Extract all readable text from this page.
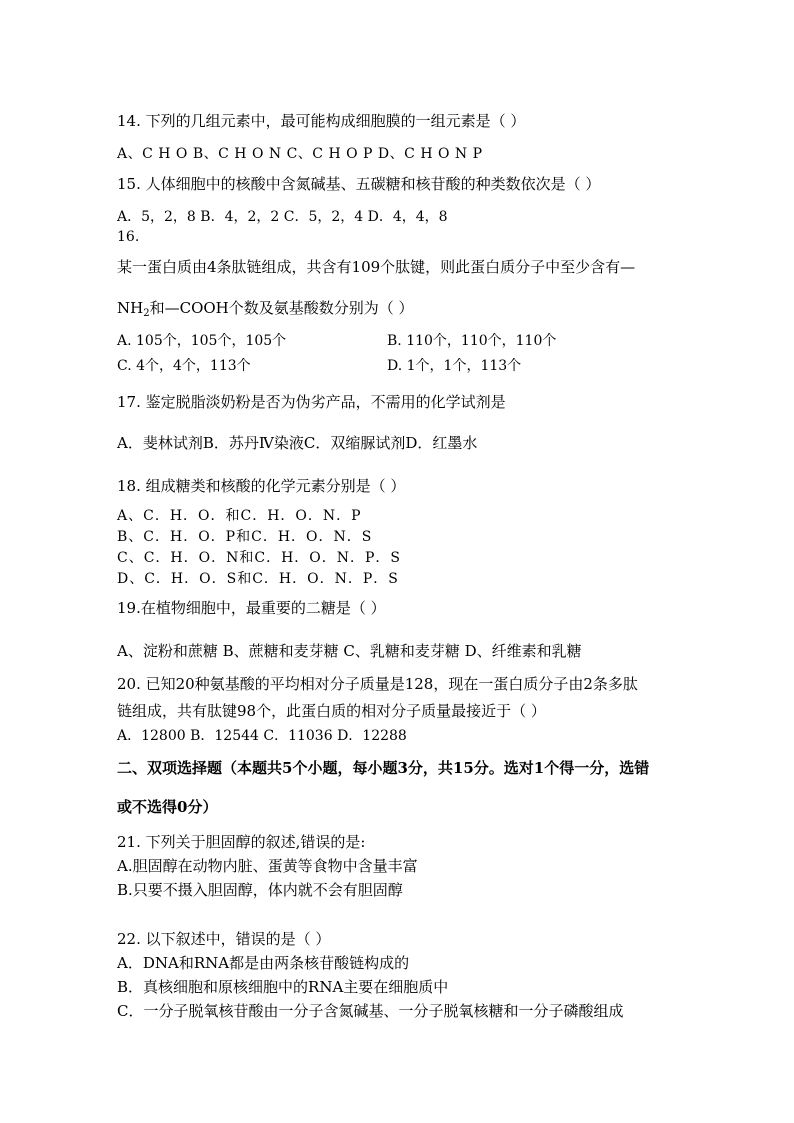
14. 下列的几组元素中，最可能构成细胞膜的一组元素是（ ）
A、C H O B、C H O N C、C H O P D、C H O N P
15. 人体细胞中的核酸中含氮碱基、五碳糖和核苷酸的种类数依次是（ ）
A．5，2，8 B．4，2，2 C．5，2，4 D．4，4，8
16.
某一蛋白质由4条肽链组成，共含有109个肽键，则此蛋白质分子中至少含有—
$NH_2$和—COOH个数及氨基酸数分别为（ ）
A. 105个，105个，105个	B. 110个，110个，110个
C. 4个，4个，113个	D. 1个，1个，113个
17. 鉴定脱脂淡奶粉是否为伪劣产品，不需用的化学试剂是
A．斐林试剂B．苏丹Ⅳ染液C．双缩脲试剂D．红墨水
18. 组成糖类和核酸的化学元素分别是（ ）
A、C．H．O．和C．H．O．N．P
B、C．H．O．P和C．H．O．N．S
C、C．H．O．N和C．H．O．N．P．S
D、C．H．O．S和C．H．O．N．P．S
19.在植物细胞中，最重要的二糖是（ ）
A、淀粉和蔗糖 B、蔗糖和麦芽糖 C、乳糖和麦芽糖 D、纤维素和乳糖
20. 已知20种氨基酸的平均相对分子质量是128，现在一蛋白质分子由2条多肽
链组成，共有肽键98个，此蛋白质的相对分子质量最接近于（ ）
A．12800 B．12544 C．11036 D．12288
二、双项选择题（本题共5个小题，每小题3分，共15分。选对1个得一分，选错
或不选得0分）
21. 下列关于胆固醇的叙述,错误的是:
A.胆固醇在动物内脏、蛋黄等食物中含量丰富
B.只要不摄入胆固醇，体内就不会有胆固醇
22. 以下叙述中，错误的是（ ）
A．DNA和RNA都是由两条核苷酸链构成的
B．真核细胞和原核细胞中的RNA主要在细胞质中
C．一分子脱氧核苷酸由一分子含氮碱基、一分子脱氧核糖和一分子磷酸组成
